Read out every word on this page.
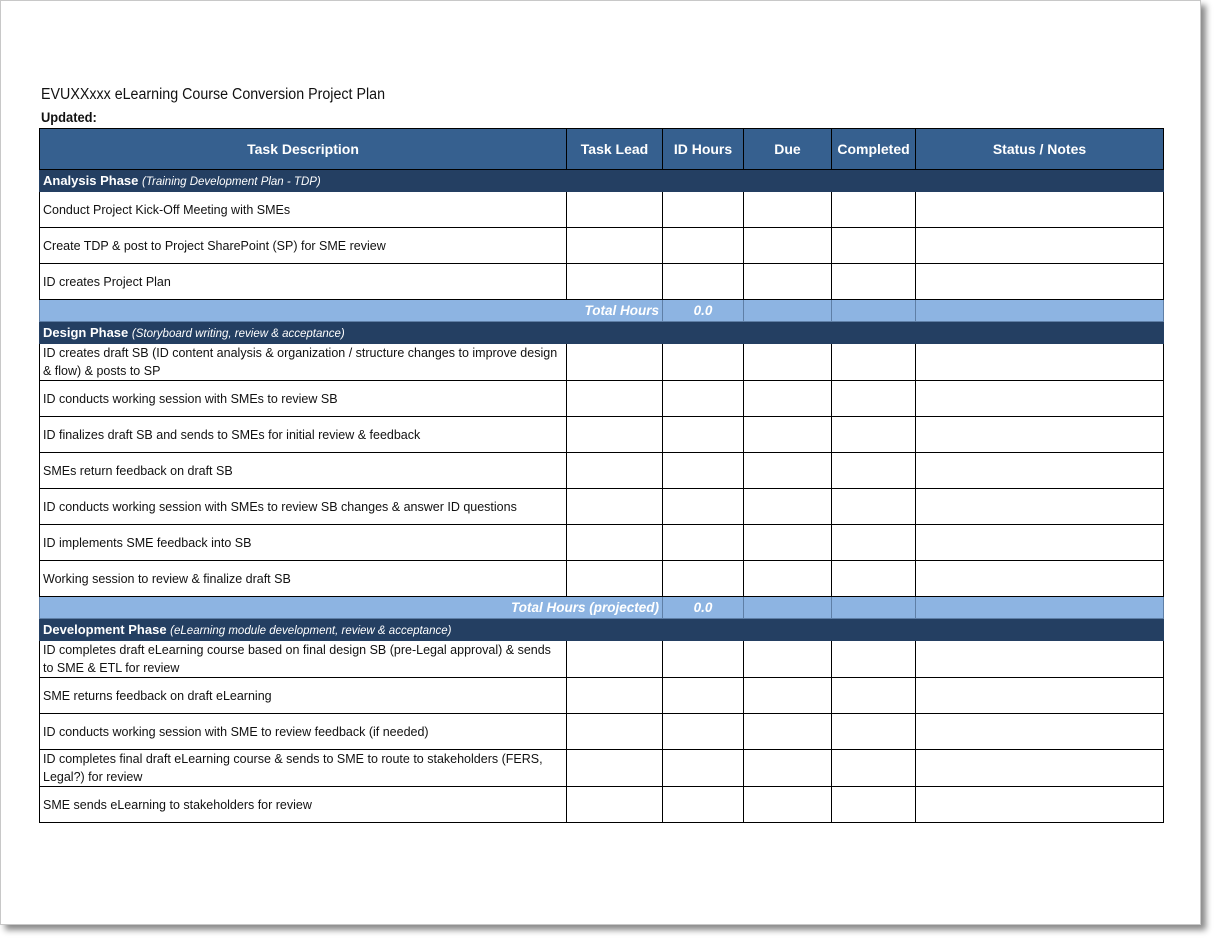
EVUXXxxx eLearning Course Conversion Project Plan
Updated:
Task Description	Task Lead	ID Hours	Due	Completed	Status / Notes
Analysis Phase (Training Development Plan - TDP)					
Conduct Project Kick-Off Meeting with SMEs					
Create TDP & post to Project SharePoint (SP) for SME review					
ID creates Project Plan					
Total Hours		0.0			
Design Phase (Storyboard writing, review & acceptance)					
ID creates draft SB (ID content analysis & organization / structure changes to improve design & flow) & posts to SP					
ID conducts working session with SMEs to review SB					
ID finalizes draft SB and sends to SMEs for initial review & feedback					
SMEs return feedback on draft SB					
ID conducts working session with SMEs to review SB changes & answer ID questions					
ID implements SME feedback into SB					
Working session to review & finalize draft SB					
Total Hours (projected)		0.0			
Development Phase (eLearning module development, review & acceptance)					
ID completes draft eLearning course based on final design SB (pre-Legal approval) & sends to SME & ETL for review					
SME returns feedback on draft eLearning					
ID conducts working session with SME to review feedback (if needed)					
ID completes final draft eLearning course & sends to SME to route to stakeholders (FERS, Legal?) for review					
SME sends eLearning to stakeholders for review					
